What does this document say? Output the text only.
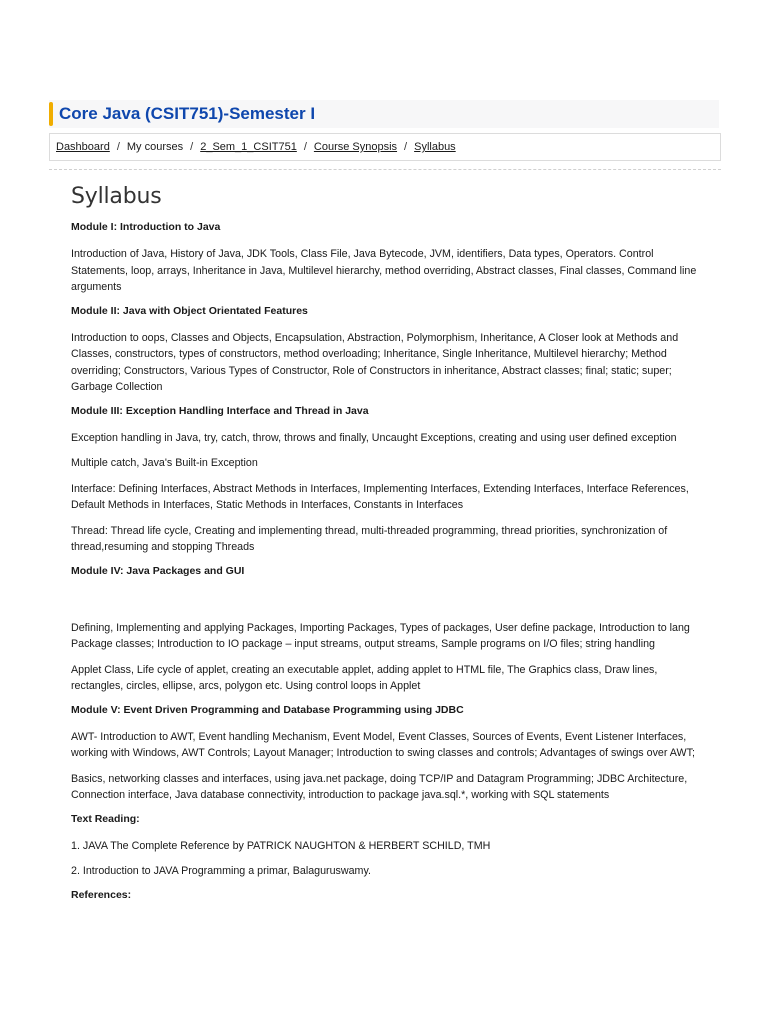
Core Java (CSIT751)-Semester I
Dashboard / My courses / 2_Sem_1_CSIT751 / Course Synopsis / Syllabus
Syllabus
Module I: Introduction to Java

Introduction of Java, History of Java, JDK Tools, Class File, Java Bytecode, JVM, identifiers, Data types, Operators. Control Statements, loop, arrays, Inheritance in Java, Multilevel hierarchy, method overriding, Abstract classes, Final classes, Command line arguments

Module II: Java with Object Orientated Features

Introduction to oops, Classes and Objects, Encapsulation, Abstraction, Polymorphism, Inheritance, A Closer look at Methods and Classes, constructors, types of constructors, method overloading; Inheritance, Single Inheritance, Multilevel hierarchy; Method overriding; Constructors, Various Types of Constructor, Role of Constructors in inheritance, Abstract classes; final; static; super; Garbage Collection

Module III: Exception Handling Interface and Thread in Java

Exception handling in Java, try, catch, throw, throws and finally, Uncaught Exceptions, creating and using user defined exception

Multiple catch, Java's Built-in Exception

Interface: Defining Interfaces, Abstract Methods in Interfaces, Implementing Interfaces, Extending Interfaces, Interface References, Default Methods in Interfaces, Static Methods in Interfaces, Constants in Interfaces

Thread: Thread life cycle, Creating and implementing thread, multi-threaded programming, thread priorities, synchronization of thread,resuming and stopping Threads

Module IV: Java Packages and GUI

Defining, Implementing and applying Packages, Importing Packages, Types of packages, User define package, Introduction to lang Package classes; Introduction to IO package – input streams, output streams, Sample programs on I/O files; string handling

Applet Class, Life cycle of applet, creating an executable applet, adding applet to HTML file, The Graphics class, Draw lines, rectangles, circles, ellipse, arcs, polygon etc. Using control loops in Applet

Module V: Event Driven Programming and Database Programming using JDBC

AWT- Introduction to AWT, Event handling Mechanism, Event Model, Event Classes, Sources of Events, Event Listener Interfaces, working with Windows, AWT Controls; Layout Manager; Introduction to swing classes and controls; Advantages of swings over AWT;

Basics, networking classes and interfaces, using java.net package, doing TCP/IP and Datagram Programming; JDBC Architecture, Connection interface, Java database connectivity, introduction to package java.sql.*, working with SQL statements

Text Reading:

1. JAVA The Complete Reference by PATRICK NAUGHTON & HERBERT SCHILD, TMH

2. Introduction to JAVA Programming a primar, Balaguruswamy.

References:
